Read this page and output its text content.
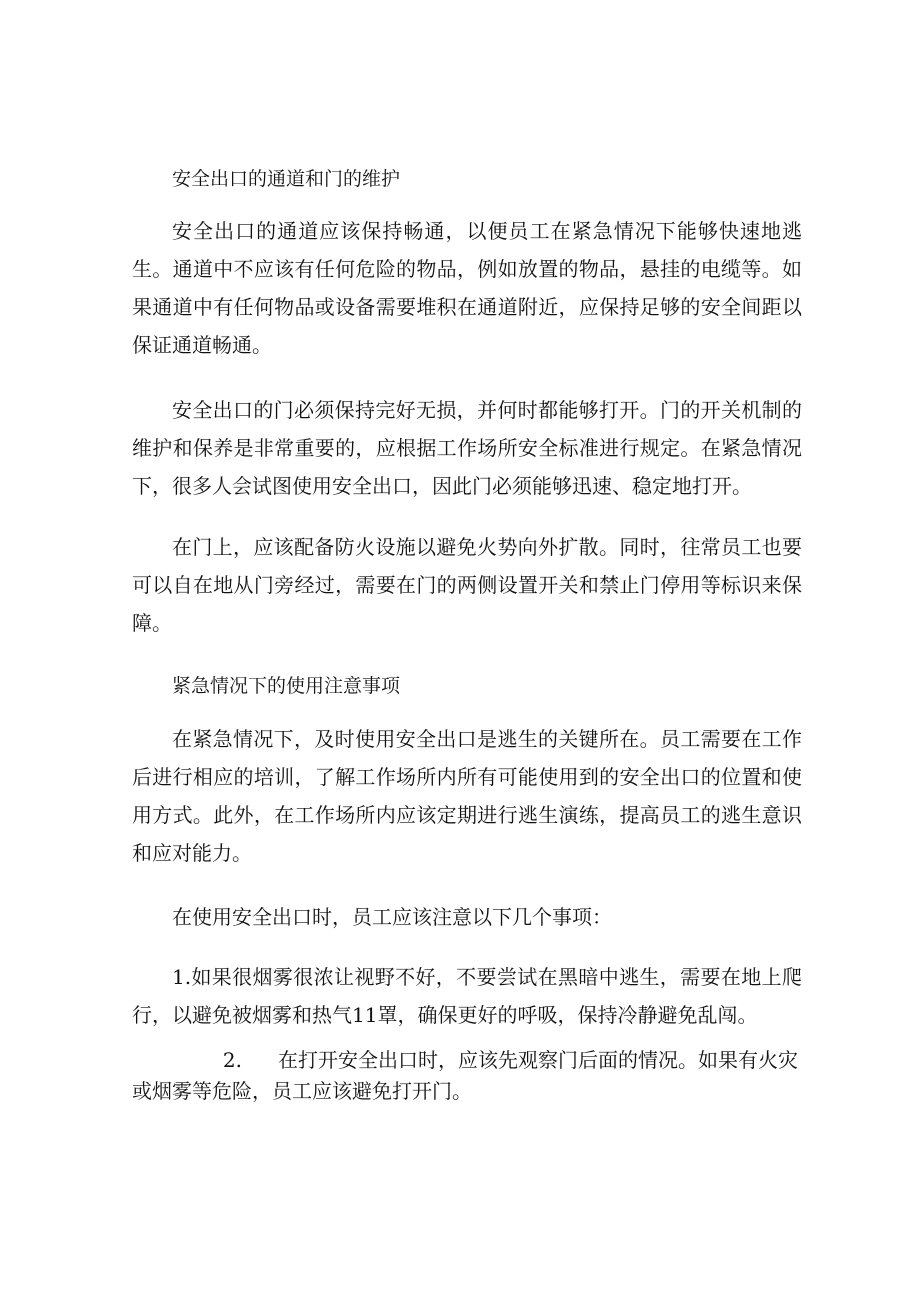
安全出口的通道和门的维护

安全出口的通道应该保持畅通，以便员工在紧急情况下能够快速地逃生。通道中不应该有任何危险的物品，例如放置的物品，悬挂的电缆等。如果通道中有任何物品或设备需要堆积在通道附近，应保持足够的安全间距以保证通道畅通。

安全出口的门必须保持完好无损，并何时都能够打开。门的开关机制的维护和保养是非常重要的，应根据工作场所安全标准进行规定。在紧急情况下，很多人会试图使用安全出口，因此门必须能够迅速、稳定地打开。

在门上，应该配备防火设施以避免火势向外扩散。同时，往常员工也要可以自在地从门旁经过，需要在门的两侧设置开关和禁止门停用等标识来保障。

紧急情况下的使用注意事项

在紧急情况下，及时使用安全出口是逃生的关键所在。员工需要在工作后进行相应的培训，了解工作场所内所有可能使用到的安全出口的位置和使用方式。此外，在工作场所内应该定期进行逃生演练，提高员工的逃生意识和应对能力。

在使用安全出口时，员工应该注意以下几个事项：

1.如果很烟雾很浓让视野不好，不要尝试在黑暗中逃生，需要在地上爬行，以避免被烟雾和热气11罩，确保更好的呼吸，保持冷静避免乱闯。

2. 在打开安全出口时，应该先观察门后面的情况。如果有火灾或烟雾等危险，员工应该避免打开门。
